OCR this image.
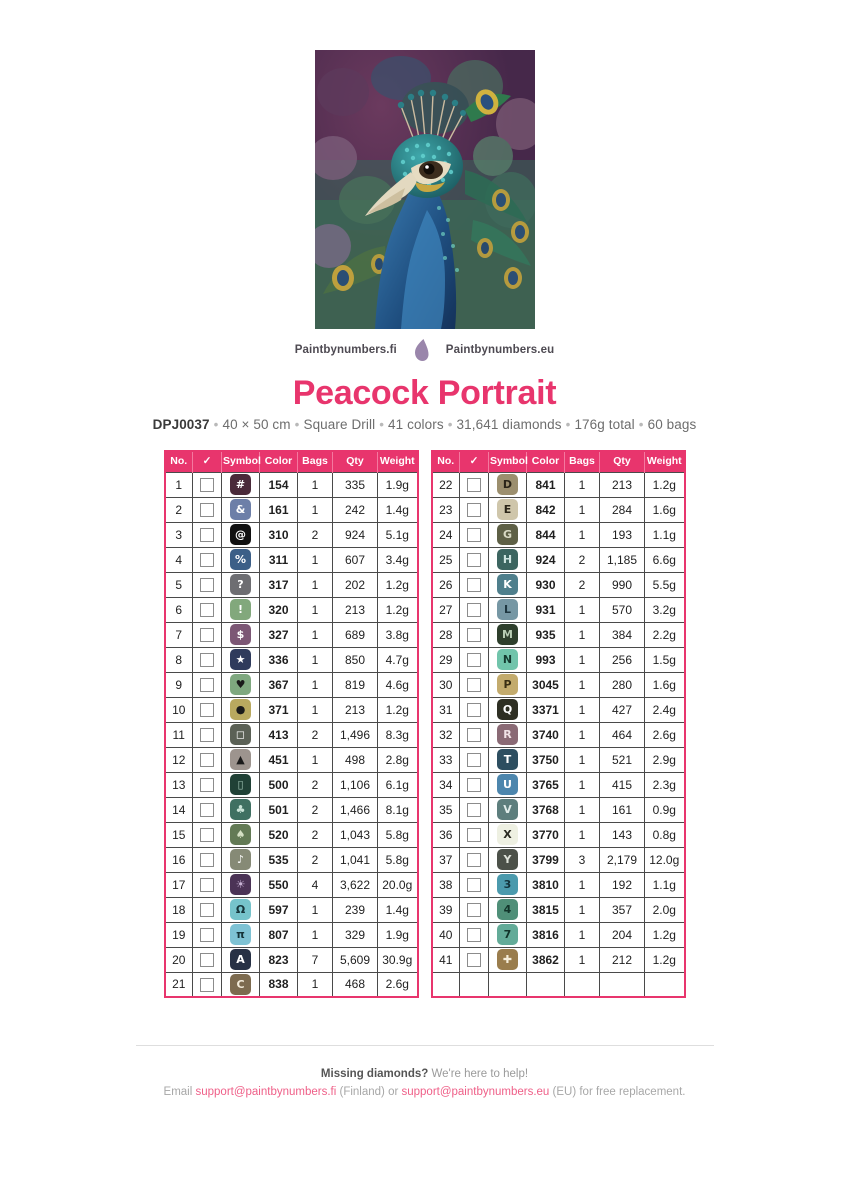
Paintbynumbers.fi	Paintbynumbers.eu
Peacock Portrait
DPJ0037 • 40 × 50 cm • Square Drill • 41 colors • 31,641 diamonds • 176g total • 60 bags
No.	✓	Symbol	Color	Bags	Qty	Weight
1		#	154	1	335	1.9g
2		&	161	1	242	1.4g
3		@	310	2	924	5.1g
4		%	311	1	607	3.4g
5		?	317	1	202	1.2g
6		!	320	1	213	1.2g
7		$	327	1	689	3.8g
8		★	336	1	850	4.7g
9		♥	367	1	819	4.6g
10		●	371	1	213	1.2g
11		◻	413	2	1,496	8.3g
12		▲	451	1	498	2.8g
13		▯	500	2	1,106	6.1g
14		♣	501	2	1,466	8.1g
15		♠	520	2	1,043	5.8g
16		♪	535	2	1,041	5.8g
17		☀	550	4	3,622	20.0g
18		Ω	597	1	239	1.4g
19		π	807	1	329	1.9g
20		A	823	7	5,609	30.9g
21		C	838	1	468	2.6g
No.	✓	Symbol	Color	Bags	Qty	Weight
22		D	841	1	213	1.2g
23		E	842	1	284	1.6g
24		G	844	1	193	1.1g
25		H	924	2	1,185	6.6g
26		K	930	2	990	5.5g
27		L	931	1	570	3.2g
28		M	935	1	384	2.2g
29		N	993	1	256	1.5g
30		P	3045	1	280	1.6g
31		Q	3371	1	427	2.4g
32		R	3740	1	464	2.6g
33		T	3750	1	521	2.9g
34		U	3765	1	415	2.3g
35		V	3768	1	161	0.9g
36		X	3770	1	143	0.8g
37		Y	3799	3	2,179	12.0g
38		3	3810	1	192	1.1g
39		4	3815	1	357	2.0g
40		7	3816	1	204	1.2g
41		✚	3862	1	212	1.2g

Missing diamonds? We're here to help!
Email support@paintbynumbers.fi (Finland) or support@paintbynumbers.eu (EU) for free replacement.
